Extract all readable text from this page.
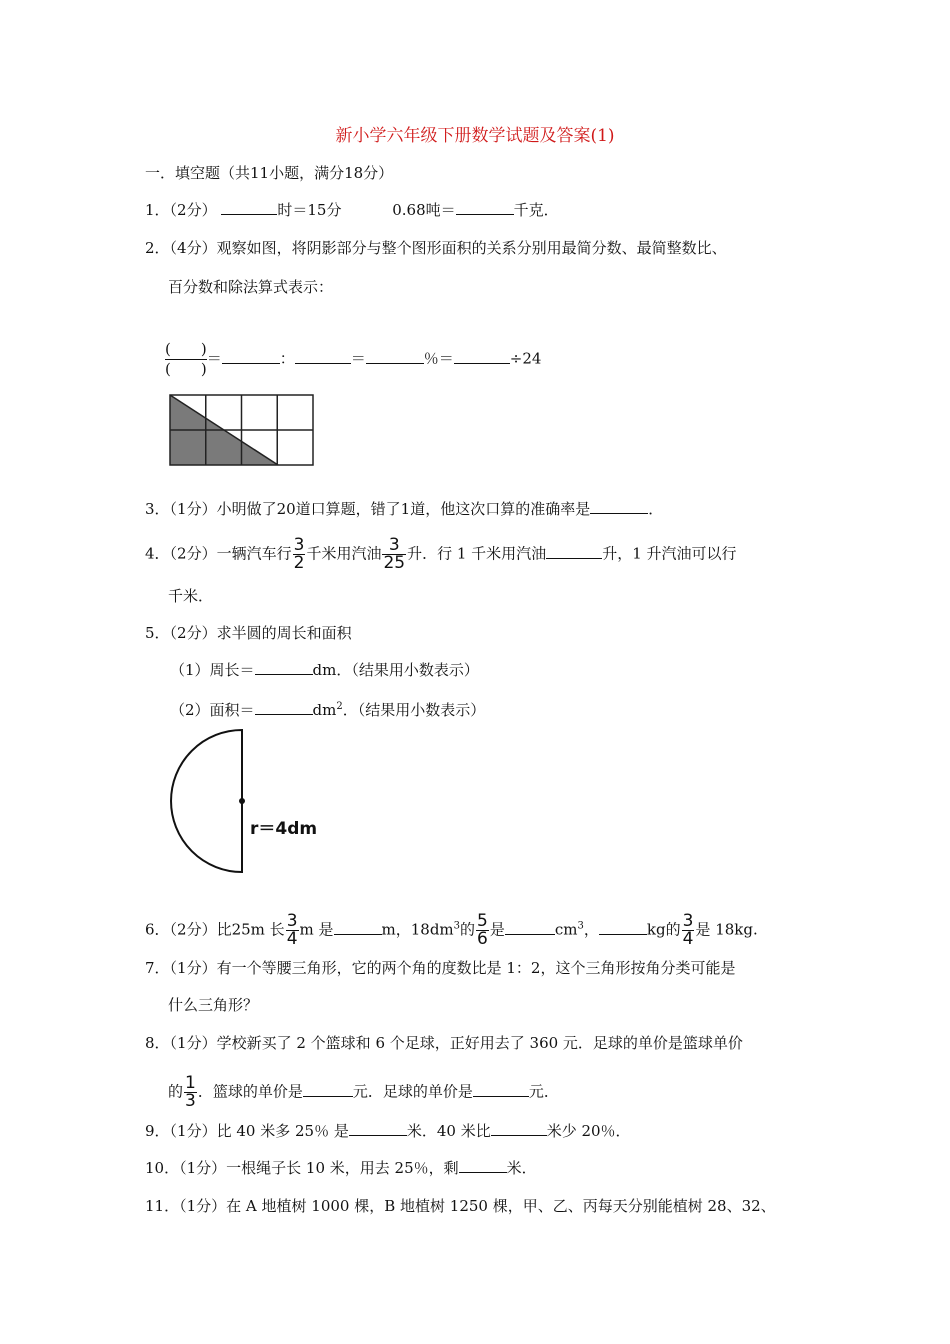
新小学六年级下册数学试题及答案(1)
一．填空题（共11小题，满分18分）
1．（2分）	时＝15分	0.68吨＝	千克．
2．（4分）观察如图，将阴影部分与整个图形面积的关系分别用最简分数、最简整数比、
百分数和除法算式表示：
$\frac{( )}{( )}=$	：	＝	％＝	÷24
3．（1分）小明做了20道口算题，错了1道，他这次口算的准确率是	．
4．（2分）一辆汽车行 $\frac{3}{2}$ 千米用汽油 $\frac{3}{25}$ 升．行 1 千米用汽油	升，1 升汽油可以行
千米．
5．（2分）求半圆的周长和面积
（1）周长＝	dm．（结果用小数表示）
（2）面积＝	$dm^2$．（结果用小数表示）
r＝4dm
6．（2分）比25m 长 $\frac{3}{4}$ m 是	m，$18dm^3$的 $\frac{5}{6}$ 是	$cm^3$，	kg的 $\frac{3}{4}$ 是 18kg.
7．（1分）有一个等腰三角形，它的两个角的度数比是 1：2，这个三角形按角分类可能是
什么三角形？
8．（1分）学校新买了 2 个篮球和 6 个足球，正好用去了 360 元．足球的单价是篮球单价
的 $\frac{1}{3}$ ．篮球的单价是	元．足球的单价是	元．
9．（1分）比 40 米多 25％ 是	米．40 米比	米少 20％．
10．（1分）一根绳子长 10 米，用去 25％，剩	米．
11．（1分）在 A 地植树 1000 棵，B 地植树 1250 棵，甲、乙、丙每天分别能植树 28、32、
